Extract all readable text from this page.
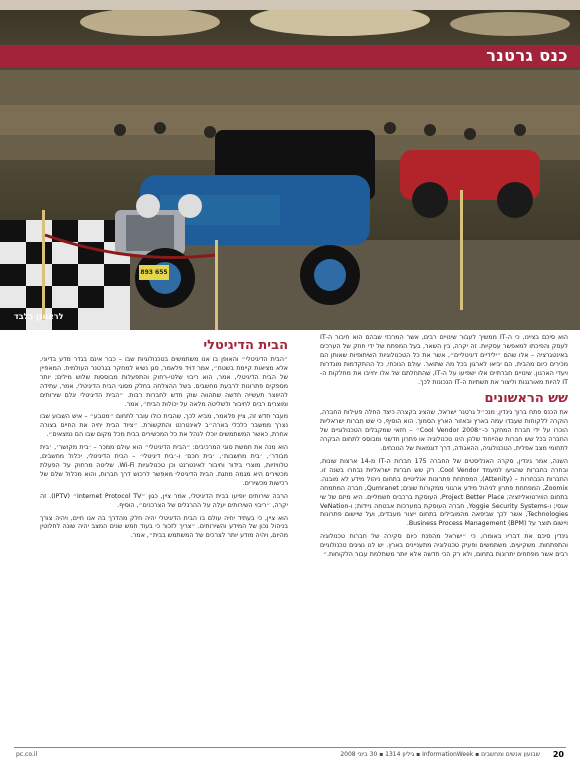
893 655
כנס גרטנר
לראוונן בלבד

הוא סיכם בציינו, כי ה-IT ממשיך לעבור שינויים רבים, אשר המרכזי שבהם הוא חיבור ה-IT לעסק והפיכתו למאפשר עסקיות. זה יקרה, בין השאר, בעל המפתח של ידי חוזק של הערכים באינטגרציה – אלו שהם ״ילידיים דיגיטליים״, אשר את כל הטכנולוגיות השיתופיות שאותן הם מכירים כיום מהבית, הם יביאו לארגון בכל מה שתואר. עולם הנוכחי, כל ההתקדמות מוגדרות ויעדי הארגון. שינויים חברתיים אלו ישפיעו על ה-IT, שהתחלתם של אלו יחייבו את מחלקות ה-IT להיות מאורגנות וליצור את תשתיות ה-IT הנכונות לכך.

שש הראשונים

את הכנס פתח ברוך גינדין, מנכ״ל גרטנר ישראל, שהציג בקצרה כיצד החלה פעילות החברה, הוקרה ללקוחות שעבדו עמה בארץ ובאזור הארץ הסמוך. הוא הוסיף, כי שש חברות ישראליות הוכרו על ידי חברת המחקר כ-״Cool Vendor 2008״ – חזאי שמקבלים הטכנולוגיים של החברה בכל שש חברות שהייחוד שלהן הינו טכנולוגיה או פתרון חדשני ומבוסס לתחום הבקרה לתחומי מצב אפלית, הטכנולוגיה, ההאגודה, דרך דוגמאות של הנוכחים.

השנה, אמר גינדין, סקרה האנליסטים של החברה 175 חברות ה-IT מ-14 ארצות שונות, ובחרה בחברות שהגיעו למעמד Cool Vendor. רק שש חברות ישראליות נבחרו בשנה זו. החברות הנבחרות – (Attenity), המפתחת פתרונות אנליטיים בתחום ניהול מידע לא מובנה. Zoomix, המפתחת פתרון לניהול מידע ארגוני ממקורות שונים; Qumranet, חברה המתמחה בתחום הווירטואליזציה; Project Better Place, העוסקת ברכבים חשמליים. היא מיזם של שי אגסי; ו-Yoggie Security Systems, חברה העוסקת במערכות אבטחה ניידות; ו-VeNation Technologies, אשר לכך שביפאה מהמובילים בתחום ייצור מעבדים, ועל שיישום פתרונות ויישום תוצר על Business Process Management (BPM).

גינדין סיכם את דבריו באומרו, כי ״ישראל מהפנת כיום סקירה של חברות טכנולוגיה והתפתחות. משקיעים, משתמשים ופעיק טכנולוגיה מתעניינים בארץ. יש לנו נציגים טכנולוגיים רבים אשר מפתחים יתרונות בתחום, ולא רק הכי חדשה אלא יותר משתלמת עבור הלקוחות.״

הבית הדיגיטלי

״הבית הדיגיטלי״ והאופן בו אנו משתמשים בטכנולוגיות שבו – כבר אינם בגדר מדע בדיוני, אלא מציאות קיימת בשטח״, אמר דויד פלאמר, סגן נשיא למחקר בגרטנר העולמית. המאפיין של הבית הדיגיטלי, אמר, הוא ריבוי שלטי-רחוק והתפעלות מבוססות שלוש מילים; יותר מספקים פתרונות לרבעת מחשבים. בשל ההצלחה בחלק מסוגי הבית הדיגיטלי, אמר, עתידה להיווצר תעשייה חדשה שתהווה שוק חדש לחברות רבות. ״הבית הדיגיטלי יגלם שירותים ומוצרים רבים לחיבור ולשליטה מלאה על יכולות הבית״, אמר.

מעבר חדש זה, ציין פלאמר, מביא לכך, שהבית כולו עובר לתחום ״מטבע״ – איש השבוע שבו נצרך ממשבר כלכלי בארה״ב לאינטרנט והתקשורת. ״ציוד הבית יחיה את החיים בצורה אחרת, כאשר המשתמשים יוכלו לנהל את כל המכשירים בבית מכל מקום שבו הם נמצאים״.

הוא מנה את חמשת סוגי המרכיבים: ״הבית הדיגיטלי״ הוא עולם ממכר – ׳בית מקושר׳, ׳בית מבודר׳, ׳בית מחשבות׳, ׳בית חכם׳ ו-׳בית דיגיטלי׳ – הבית הדיגיטלי, יכלול מחשבים, טלוויזיות, מוצרי בידור וחיבור לאינטרנט וכן טכנולוגיות Wi-Fi. שליטה מרחוק על הפעלת מכשירים היא מגמה מוזגת. הבית הדיגיטלי מאפשר לרכוש דרך חברות, והוא מכלול שלם של רכישות מכשירים.

הרבה שירותים יופיעו בבית הדיגיטלי, אמר ציין, כגון ״Internet Protocol TV״ (IPTV). זה יקרה, ״ריבוי השירותים יעלה על ההרגלים של הצרכנים״, הוסיף.

הוא ציין, כי בעתיד יחיה עולם בו הבית הדיגיטלי יהיה חלק מהדרך בה אנו חיים, ויהיה צורך בניהול נכון של המידע והשירותים. ״צריך לזכור כי בעוד חמש שנים המצב יהיה שונה לחלוטין מהיום, ויהיה מודע יותר לצרכים של המשתמש בבית״, אמר.

20
שבועון אנשים ומחשבים ▪ InformationWeek ▪ גיליון 1314 ▪ 30 ביוני 2008
pc.co.il
